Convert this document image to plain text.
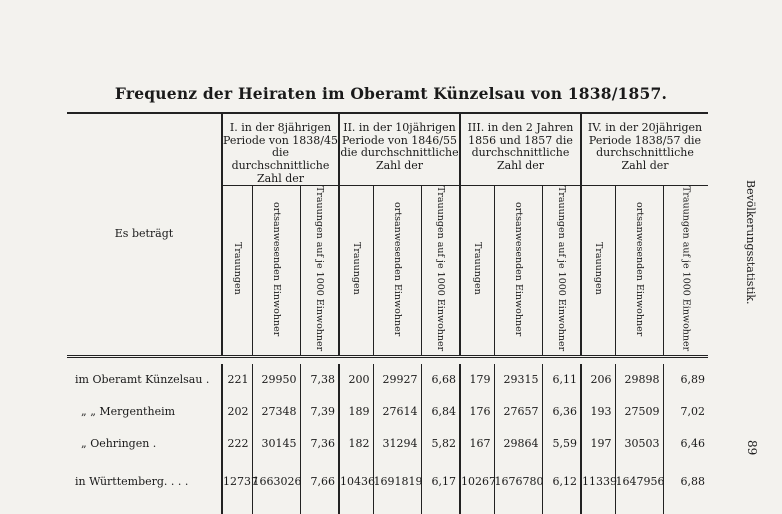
Frequenz der Heiraten im Oberamt Künzelsau von 1838/1857.

Es beträgt	I. in der 8jährigen Periode von 1838/45 die durchschnittliche Zahl der			II. in der 10jährigen Periode von 1846/55 die durchschnittliche Zahl der			III. in den 2 Jahren 1856 und 1857 die durchschnittliche Zahl der			IV. in der 20jährigen Periode 1838/57 die durchschnittliche Zahl der		
	Trauungen	ortsanwesenden Einwohner	Trauungen auf je 1000 Einwohner	Trauungen	ortsanwesenden Einwohner	Trauungen auf je 1000 Einwohner	Trauungen	ortsanwesenden Einwohner	Trauungen auf je 1000 Einwohner	Trauungen	ortsanwesenden Einwohner	Trauungen auf je 1000 Einwohner

im Oberamt Künzelsau .	221	29950	7,38	200	29927	6,68	179	29315	6,11	206	29898	6,89
„ „ Mergentheim	202	27348	7,39	189	27614	6,84	176	27657	6,36	193	27509	7,02
„ Oehringen .	222	30145	7,36	182	31294	5,82	167	29864	5,59	197	30503	6,46
in Württemberg. . . .	12737	1663026	7,66	10436	1691819	6,17	10267	1676780	6,12	11339	1647956	6,88

Bevölkerungsstatistik.
89
